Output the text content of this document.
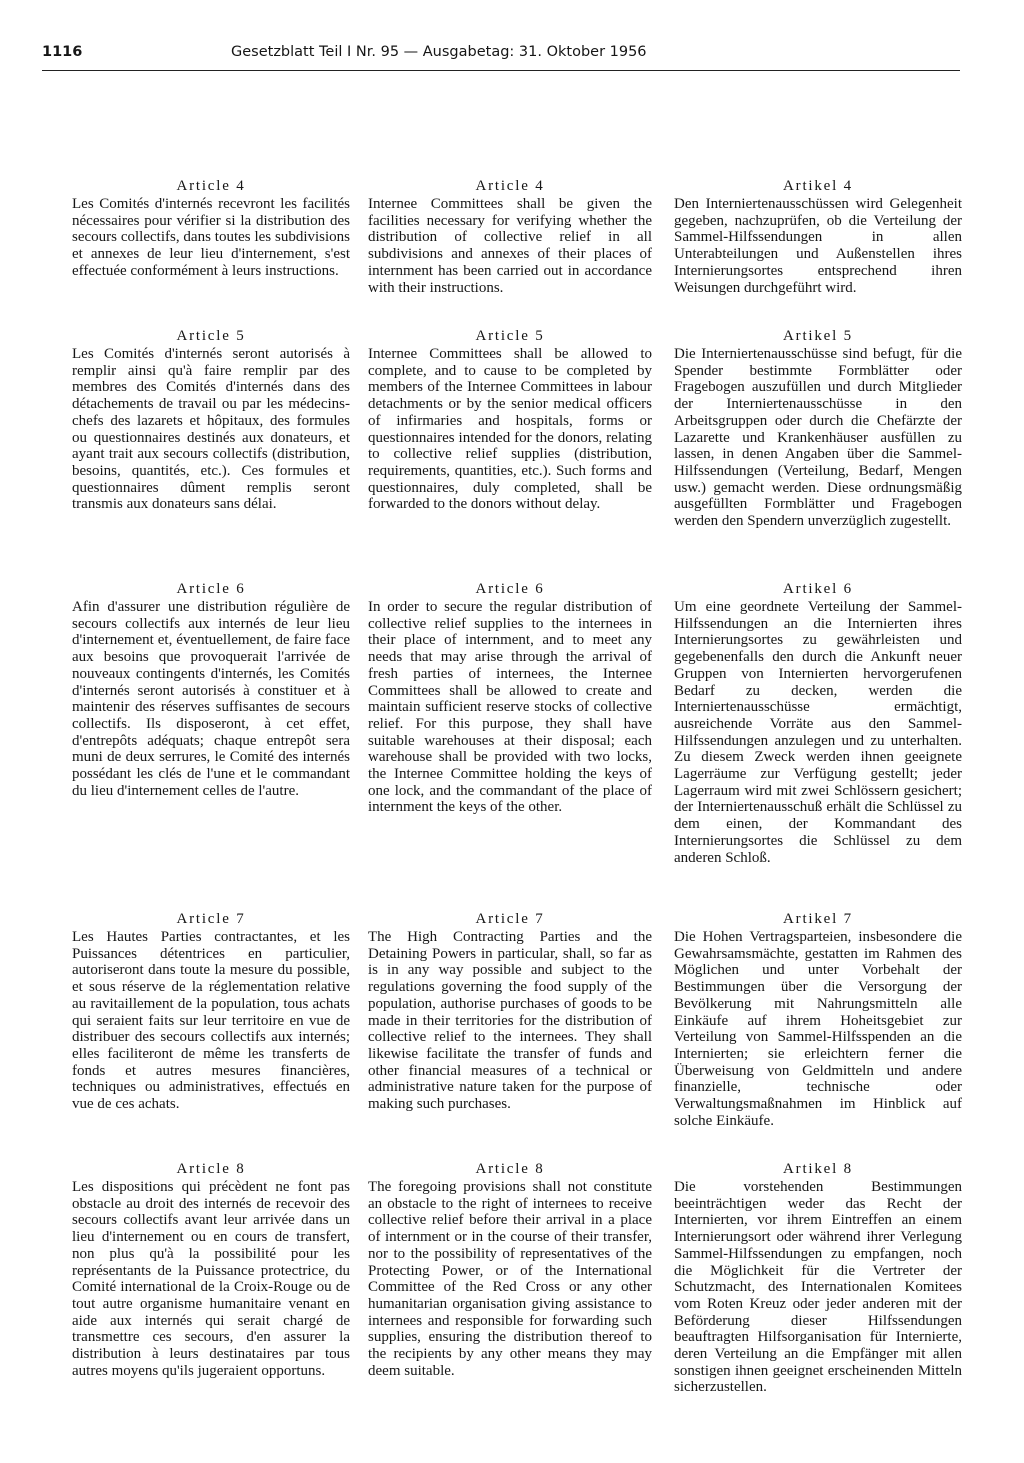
1116	Gesetzblatt Teil I Nr. 95 — Ausgabetag: 31. Oktober 1956
Article 4
Les Comités d'internés recevront les facilités nécessaires pour vérifier si la distribution des secours collectifs, dans toutes les subdivisions et annexes de leur lieu d'internement, s'est effectuée conformément à leurs instructions.
Article 5
Les Comités d'internés seront autorisés à remplir ainsi qu'à faire remplir par des membres des Comités d'internés dans des détachements de travail ou par les médecins-chefs des lazarets et hôpitaux, des formules ou questionnaires destinés aux donateurs, et ayant trait aux secours collectifs (distribution, besoins, quantités, etc.). Ces formules et questionnaires dûment remplis seront transmis aux donateurs sans délai.
Article 6
Afin d'assurer une distribution régulière de secours collectifs aux internés de leur lieu d'internement et, éventuellement, de faire face aux besoins que provoquerait l'arrivée de nouveaux contingents d'internés, les Comités d'internés seront autorisés à constituer et à maintenir des réserves suffisantes de secours collectifs. Ils disposeront, à cet effet, d'entrepôts adéquats; chaque entrepôt sera muni de deux serrures, le Comité des internés possédant les clés de l'une et le commandant du lieu d'internement celles de l'autre.
Article 7
Les Hautes Parties contractantes, et les Puissances détentrices en particulier, autoriseront dans toute la mesure du possible, et sous réserve de la réglementation relative au ravitaillement de la population, tous achats qui seraient faits sur leur territoire en vue de distribuer des secours collectifs aux internés; elles faciliteront de même les transferts de fonds et autres mesures financières, techniques ou administratives, effectués en vue de ces achats.
Article 8
Les dispositions qui précèdent ne font pas obstacle au droit des internés de recevoir des secours collectifs avant leur arrivée dans un lieu d'internement ou en cours de transfert, non plus qu'à la possibilité pour les représentants de la Puissance protectrice, du Comité international de la Croix-Rouge ou de tout autre organisme humanitaire venant en aide aux internés qui serait chargé de transmettre ces secours, d'en assurer la distribution à leurs destinataires par tous autres moyens qu'ils jugeraient opportuns.
Article 4
Internee Committees shall be given the facilities necessary for verifying whether the distribution of collective relief in all subdivisions and annexes of their places of internment has been carried out in accordance with their instructions.
Article 5
Internee Committees shall be allowed to complete, and to cause to be completed by members of the Internee Committees in labour detachments or by the senior medical officers of infirmaries and hospitals, forms or questionnaires intended for the donors, relating to collective relief supplies (distribution, requirements, quantities, etc.). Such forms and questionnaires, duly completed, shall be forwarded to the donors without delay.
Article 6
In order to secure the regular distribution of collective relief supplies to the internees in their place of internment, and to meet any needs that may arise through the arrival of fresh parties of internees, the Internee Committees shall be allowed to create and maintain sufficient reserve stocks of collective relief. For this purpose, they shall have suitable warehouses at their disposal; each warehouse shall be provided with two locks, the Internee Committee holding the keys of one lock, and the commandant of the place of internment the keys of the other.
Article 7
The High Contracting Parties and the Detaining Powers in particular, shall, so far as is in any way possible and subject to the regulations governing the food supply of the population, authorise purchases of goods to be made in their territories for the distribution of collective relief to the internees. They shall likewise facilitate the transfer of funds and other financial measures of a technical or administrative nature taken for the purpose of making such purchases.
Article 8
The foregoing provisions shall not constitute an obstacle to the right of internees to receive collective relief before their arrival in a place of internment or in the course of their transfer, nor to the possibility of representatives of the Protecting Power, or of the International Committee of the Red Cross or any other humanitarian organisation giving assistance to internees and responsible for forwarding such supplies, ensuring the distribution thereof to the recipients by any other means they may deem suitable.
Artikel 4
Den Interniertenausschüssen wird Gelegenheit gegeben, nachzuprüfen, ob die Verteilung der Sammel-Hilfssendungen in allen Unterabteilungen und Außenstellen ihres Internierungsortes entsprechend ihren Weisungen durchgeführt wird.
Artikel 5
Die Interniertenausschüsse sind befugt, für die Spender bestimmte Formblätter oder Fragebogen auszufüllen und durch Mitglieder der Interniertenausschüsse in den Arbeitsgruppen oder durch die Chefärzte der Lazarette und Krankenhäuser ausfüllen zu lassen, in denen Angaben über die Sammel-Hilfssendungen (Verteilung, Bedarf, Mengen usw.) gemacht werden. Diese ordnungsmäßig ausgefüllten Formblätter und Fragebogen werden den Spendern unverzüglich zugestellt.
Artikel 6
Um eine geordnete Verteilung der Sammel-Hilfssendungen an die Internierten ihres Internierungsortes zu gewährleisten und gegebenenfalls den durch die Ankunft neuer Gruppen von Internierten hervorgerufenen Bedarf zu decken, werden die Interniertenausschüsse ermächtigt, ausreichende Vorräte aus den Sammel-Hilfssendungen anzulegen und zu unterhalten. Zu diesem Zweck werden ihnen geeignete Lagerräume zur Verfügung gestellt; jeder Lagerraum wird mit zwei Schlössern gesichert; der Interniertenausschuß erhält die Schlüssel zu dem einen, der Kommandant des Internierungsortes die Schlüssel zu dem anderen Schloß.
Artikel 7
Die Hohen Vertragsparteien, insbesondere die Gewahrsamsmächte, gestatten im Rahmen des Möglichen und unter Vorbehalt der Bestimmungen über die Versorgung der Bevölkerung mit Nahrungsmitteln alle Einkäufe auf ihrem Hoheitsgebiet zur Verteilung von Sammel-Hilfsspenden an die Internierten; sie erleichtern ferner die Überweisung von Geldmitteln und andere finanzielle, technische oder Verwaltungsmaßnahmen im Hinblick auf solche Einkäufe.
Artikel 8
Die vorstehenden Bestimmungen beeinträchtigen weder das Recht der Internierten, vor ihrem Eintreffen an einem Internierungsort oder während ihrer Verlegung Sammel-Hilfssendungen zu empfangen, noch die Möglichkeit für die Vertreter der Schutzmacht, des Internationalen Komitees vom Roten Kreuz oder jeder anderen mit der Beförderung dieser Hilfssendungen beauftragten Hilfsorganisation für Internierte, deren Verteilung an die Empfänger mit allen sonstigen ihnen geeignet erscheinenden Mitteln sicherzustellen.
